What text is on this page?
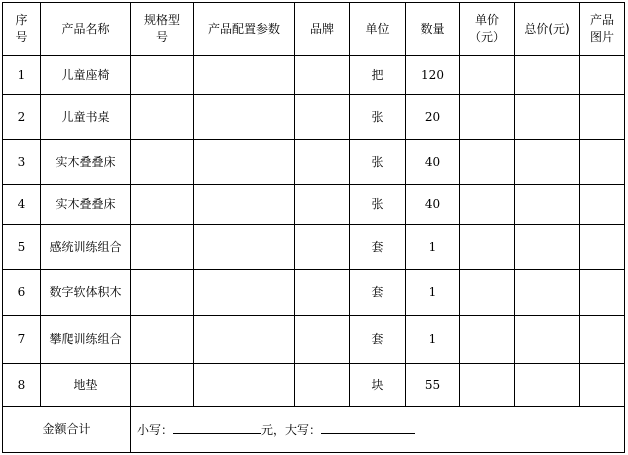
序号	产品名称	规格型号	产品配置参数	品牌	单位	数量	单价（元）	总价(元)	产品图片

1	儿童座椅				把	120			
2	儿童书桌				张	20			
3	实木叠叠床				张	40			
4	实木叠叠床				张	40			
5	感统训练组合				套	1			
6	数字软体积木				套	1			
7	攀爬训练组合				套	1			
8	地垫				块	55			
金额合计		小写： 元，大写：							
